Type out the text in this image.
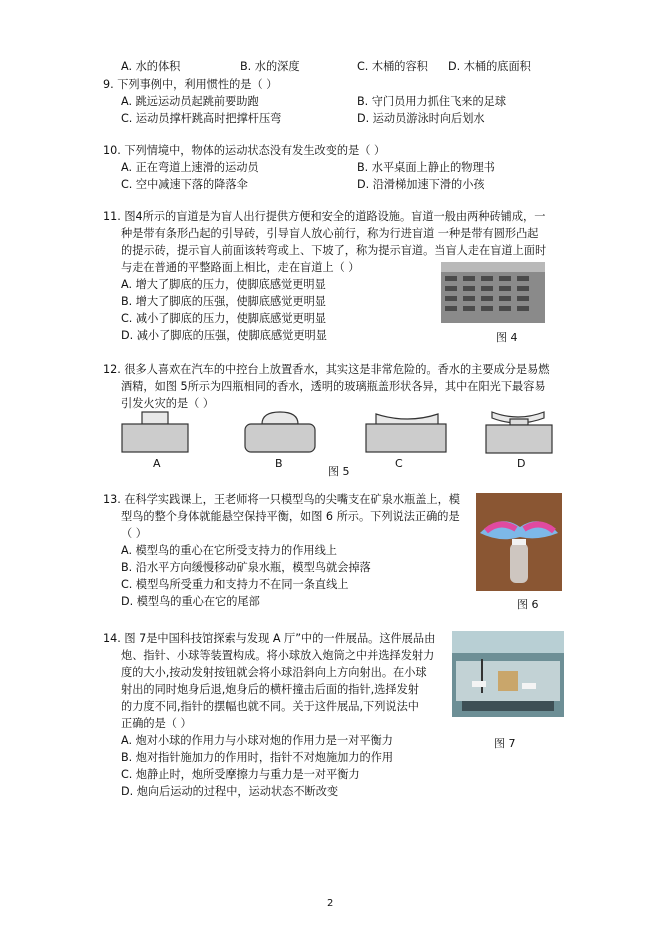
A. 水的体积	B. 水的深度	C. 木桶的容积 D. 木桶的底面积
9. 下列事例中，利用惯性的是（ ）
A. 跳远运动员起跳前要助跑	B. 守门员用力抓住飞来的足球
C. 运动员撑杆跳高时把撑杆压弯	D. 运动员游泳时向后划水
10. 下列情境中，物体的运动状态没有发生改变的是（ ）
A. 正在弯道上速滑的运动员	B. 水平桌面上静止的物理书
C. 空中减速下落的降落伞	D. 沿滑梯加速下滑的小孩
11. 图4所示的盲道是为盲人出行提供方便和安全的道路设施。盲道一般由两种砖铺成，一
种是带有条形凸起的引导砖，引导盲人放心前行，称为行进盲道 一种是带有圆形凸起
的提示砖，提示盲人前面该转弯或上、下坡了，称为提示盲道。当盲人走在盲道上面时
与走在普通的平整路面上相比，走在盲道上（ ）
A. 增大了脚底的压力，使脚底感觉更明显
B. 增大了脚底的压强，使脚底感觉更明显
C. 减小了脚底的压力，使脚底感觉更明显
D. 减小了脚底的压强，使脚底感觉更明显	图 4
12. 很多人喜欢在汽车的中控台上放置香水，其实这是非常危险的。香水的主要成分是易燃
酒精，如图 5所示为四瓶相同的香水，透明的玻璃瓶盖形状各异，其中在阳光下最容易
引发火灾的是（ ）
A	B	C	D
图 5
13. 在科学实践课上，王老师将一只模型鸟的尖嘴支在矿泉水瓶盖上，模
型鸟的整个身体就能悬空保持平衡，如图 6 所示。下列说法正确的是
（ ）
A. 模型鸟的重心在它所受支持力的作用线上
B. 沿水平方向缓慢移动矿泉水瓶，模型鸟就会掉落
C. 模型鸟所受重力和支持力不在同一条直线上
D. 模型鸟的重心在它的尾部	图 6
14. 图 7是中国科技馆探索与发现 A 厅”中的一件展品。这件展品由
炮、指针、小球等装置构成。将小球放入炮筒之中并选择发射力
度的大小,按动发射按钮就会将小球沿斜向上方向射出。在小球
射出的同时炮身后退,炮身后的横杆撞击后面的指针,选择发射
的力度不同,指针的摆幅也就不同。关于这件展品,下列说法中
正确的是（ ）
A. 炮对小球的作用力与小球对炮的作用力是一对平衡力
B. 炮对指针施加力的作用时，指针不对炮施加力的作用
C. 炮静止时，炮所受摩擦力与重力是一对平衡力
D. 炮向后运动的过程中，运动状态不断改变
图 7
2
